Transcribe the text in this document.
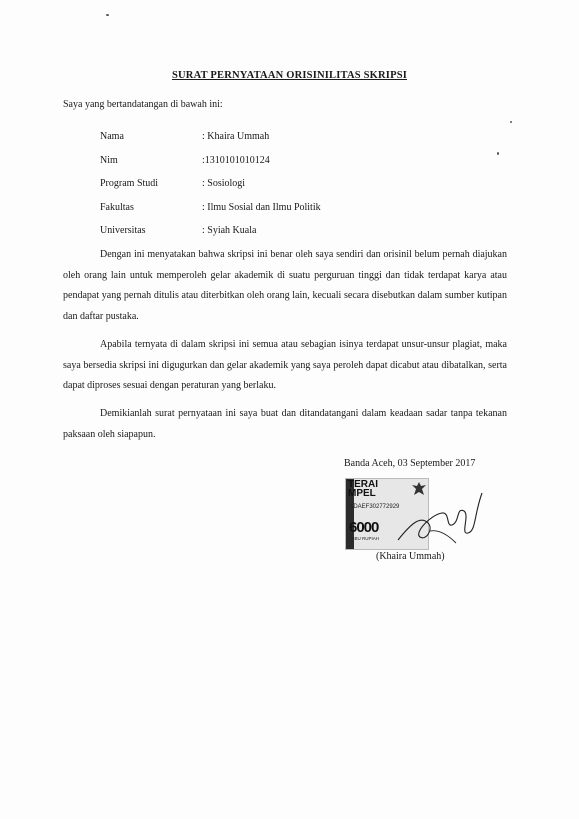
SURAT PERNYATAAN ORISINILITAS SKRIPSI
Saya yang bertandatangan di bawah ini:
Nama	: Khaira Ummah
Nim	:1310101010124
Program Studi	: Sosiologi
Fakultas	: Ilmu Sosial dan Ilmu Politik
Universitas	: Syiah Kuala

Dengan ini menyatakan bahwa skripsi ini benar oleh saya sendiri dan orisinil belum pernah diajukan oleh orang lain untuk memperoleh gelar akademik di suatu perguruan tinggi dan tidak terdapat karya atau pendapat yang pernah ditulis atau diterbitkan oleh orang lain, kecuali secara disebutkan dalam sumber kutipan dan daftar pustaka.

Apabila ternyata di dalam skripsi ini semua atau sebagian isinya terdapat unsur-unsur plagiat, maka saya bersedia skripsi ini digugurkan dan gelar akademik yang saya peroleh dapat dicabut atau dibatalkan, serta dapat diproses sesuai dengan peraturan yang berlaku.

Demikianlah surat pernyataan ini saya buat dan ditandatangani dalam keadaan sadar tanpa tekanan paksaan oleh siapapun.

Banda Aceh, 03 September 2017
TERAI
MPEL
1DAEF302772929
6000
RIBU RUPIAH
(Khaira Ummah)
